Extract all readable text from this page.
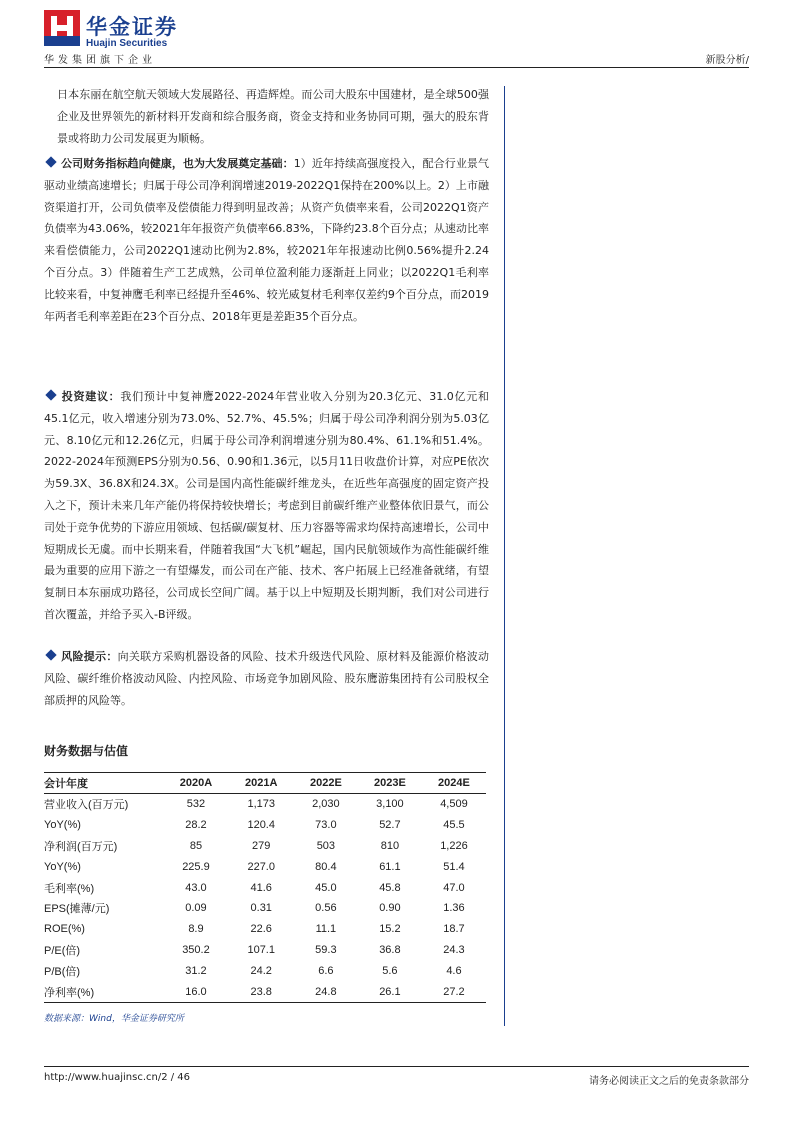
华金证券
Huajin Securities
华发集团旗下企业	新股分析/

日本东丽在航空航天领域大发展路径、再造辉煌。而公司大股东中国建材，是全球500强企业及世界领先的新材料开发商和综合服务商，资金支持和业务协同可期，强大的股东背景或将助力公司发展更为顺畅。

公司财务指标趋向健康，也为大发展奠定基础：1）近年持续高强度投入，配合行业景气驱动业绩高速增长；归属于母公司净利润增速2019-2022Q1保持在200%以上。2）上市融资渠道打开，公司负债率及偿债能力得到明显改善；从资产负债率来看，公司2022Q1资产负债率为43.06%，较2021年年报资产负债率66.83%，下降约23.8个百分点；从速动比率来看偿债能力，公司2022Q1速动比例为2.8%，较2021年年报速动比例0.56%提升2.24个百分点。3）伴随着生产工艺成熟，公司单位盈利能力逐渐赶上同业；以2022Q1毛利率比较来看，中复神鹰毛利率已经提升至46%、较光威复材毛利率仅差约9个百分点，而2019年两者毛利率差距在23个百分点、2018年更是差距35个百分点。

投资建议：我们预计中复神鹰2022-2024年营业收入分别为20.3亿元、31.0亿元和45.1亿元，收入增速分别为73.0%、52.7%、45.5%；归属于母公司净利润分别为5.03亿元、8.10亿元和12.26亿元，归属于母公司净利润增速分别为80.4%、61.1%和51.4%。2022-2024年预测EPS分别为0.56、0.90和1.36元，以5月11日收盘价计算，对应PE依次为59.3X、36.8X和24.3X。公司是国内高性能碳纤维龙头，在近些年高强度的固定资产投入之下，预计未来几年产能仍将保持较快增长；考虑到目前碳纤维产业整体依旧景气，而公司处于竞争优势的下游应用领域、包括碳/碳复材、压力容器等需求均保持高速增长，公司中短期成长无虞。而中长期来看，伴随着我国“大飞机”崛起，国内民航领域作为高性能碳纤维最为重要的应用下游之一有望爆发，而公司在产能、技术、客户拓展上已经准备就绪，有望复制日本东丽成功路径，公司成长空间广阔。基于以上中短期及长期判断，我们对公司进行首次覆盖，并给予买入-B评级。

风险提示：向关联方采购机器设备的风险、技术升级迭代风险、原材料及能源价格波动风险、碳纤维价格波动风险、内控风险、市场竞争加剧风险、股东鹰游集团持有公司股权全部质押的风险等。

财务数据与估值
会计年度	2020A	2021A	2022E	2023E	2024E
营业收入(百万元)	532	1,173	2,030	3,100	4,509
YoY(%)	28.2	120.4	73.0	52.7	45.5
净利润(百万元)	85	279	503	810	1,226
YoY(%)	225.9	227.0	80.4	61.1	51.4
毛利率(%)	43.0	41.6	45.0	45.8	47.0
EPS(摊薄/元)	0.09	0.31	0.56	0.90	1.36
ROE(%)	8.9	22.6	11.1	15.2	18.7
P/E(倍)	350.2	107.1	59.3	36.8	24.3
P/B(倍)	31.2	24.2	6.6	5.6	4.6
净利率(%)	16.0	23.8	24.8	26.1	27.2
数据来源：Wind，华金证券研究所
http://www.huajinsc.cn/2 / 46	请务必阅读正文之后的免责条款部分
